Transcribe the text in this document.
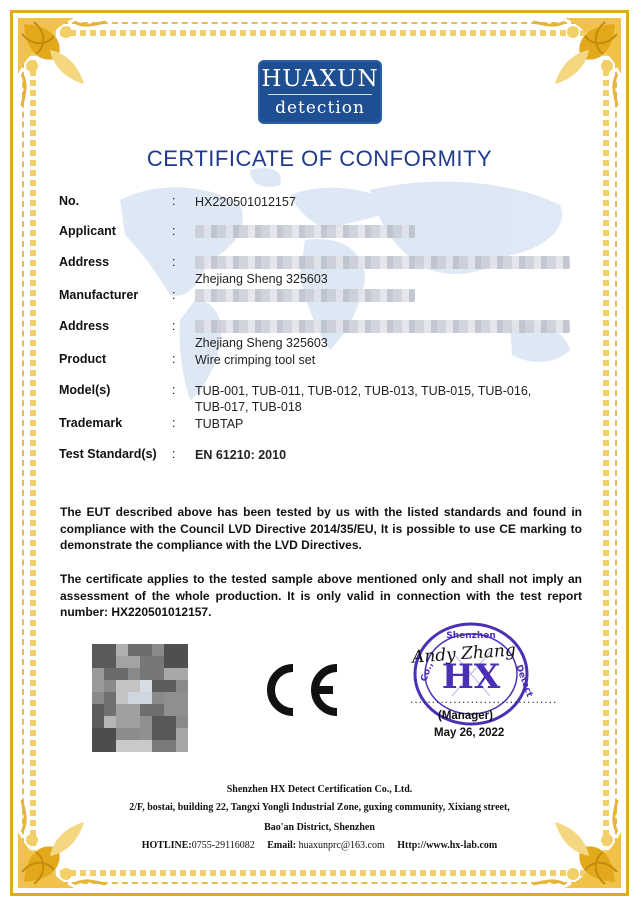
HUAXUN
detection
CERTIFICATE OF CONFORMITY
No.	: HX220501012157
Applicant	:
Address	:
Zhejiang Sheng 325603
Manufacturer	:
Address	:
Zhejiang Sheng 325603
Product	: Wire crimping tool set
Model(s)	: TUB-001, TUB-011, TUB-012, TUB-013, TUB-015, TUB-016,
TUB-017, TUB-018
Trademark	: TUBTAP
Test Standard(s) : EN 61210: 2010
The EUT described above has been tested by us with the listed standards and found in compliance with the Council LVD Directive 2014/35/EU, It is possible to use CE marking to demonstrate the compliance with the LVD Directives.
The certificate applies to the tested sample above mentioned only and shall not imply an assessment of the whole production. It is only valid in connection with the test report number: HX220501012157.
HX
Shenzhen
Co.,	Detect
Andy Zhang
..................................
(Manager)
May 26, 2022
Shenzhen HX Detect Certification Co., Ltd.
2/F, bostai, building 22, Tangxi Yongli Industrial Zone, guxing community, Xixiang street,
Bao'an District, Shenzhen
HOTLINE:0755-29116082 Email: huaxunprc@163.com Http://www.hx-lab.com
